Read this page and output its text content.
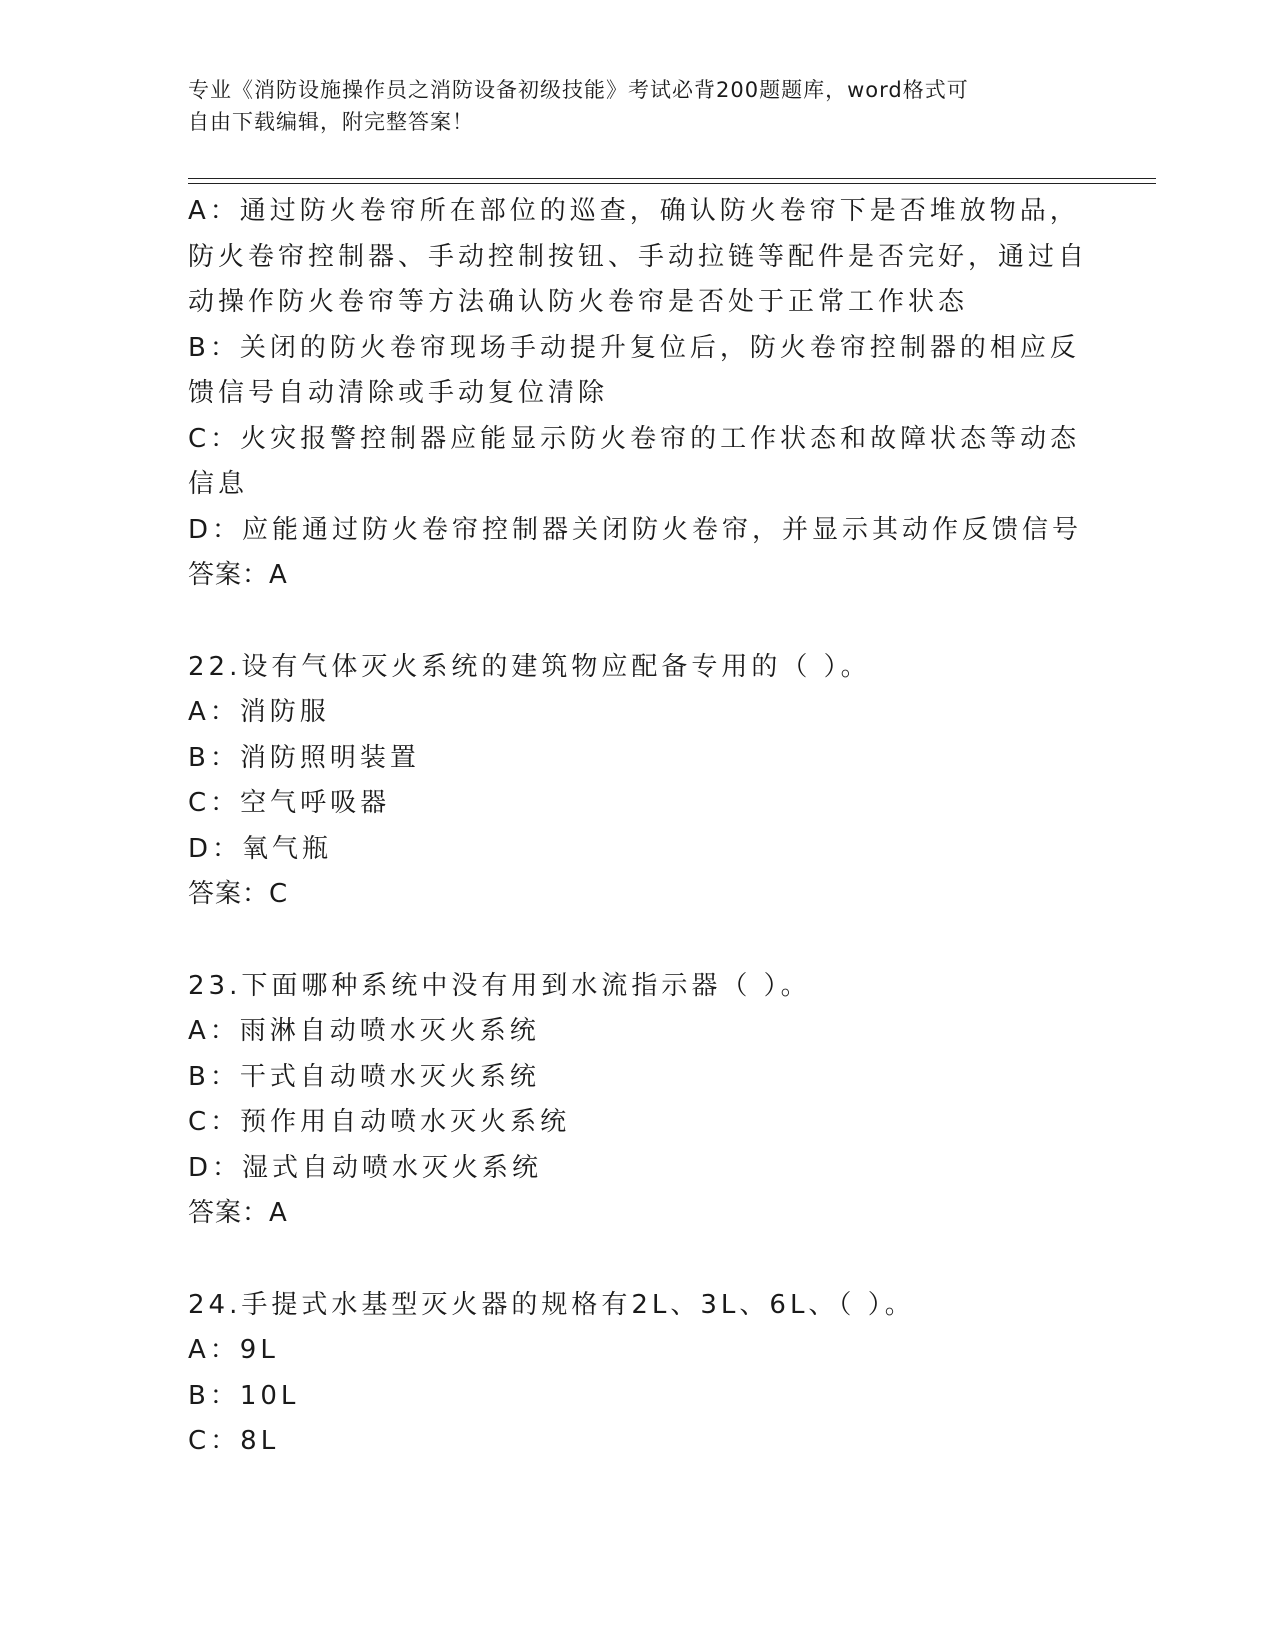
专业《消防设施操作员之消防设备初级技能》考试必背200题题库，word格式可
自由下载编辑，附完整答案！
A：通过防火卷帘所在部位的巡查，确认防火卷帘下是否堆放物品，防火卷帘控制器、手动控制按钮、手动拉链等配件是否完好，通过自动操作防火卷帘等方法确认防火卷帘是否处于正常工作状态
B：关闭的防火卷帘现场手动提升复位后，防火卷帘控制器的相应反馈信号自动清除或手动复位清除
C：火灾报警控制器应能显示防火卷帘的工作状态和故障状态等动态信息
D：应能通过防火卷帘控制器关闭防火卷帘，并显示其动作反馈信号
答案：A
22.设有气体灭火系统的建筑物应配备专用的（ ）。
A：消防服
B：消防照明装置
C：空气呼吸器
D：氧气瓶
答案：C
23.下面哪种系统中没有用到水流指示器（ ）。
A：雨淋自动喷水灭火系统
B：干式自动喷水灭火系统
C：预作用自动喷水灭火系统
D：湿式自动喷水灭火系统
答案：A
24.手提式水基型灭火器的规格有2L、3L、6L、（ ）。
A：9L
B：10L
C：8L
